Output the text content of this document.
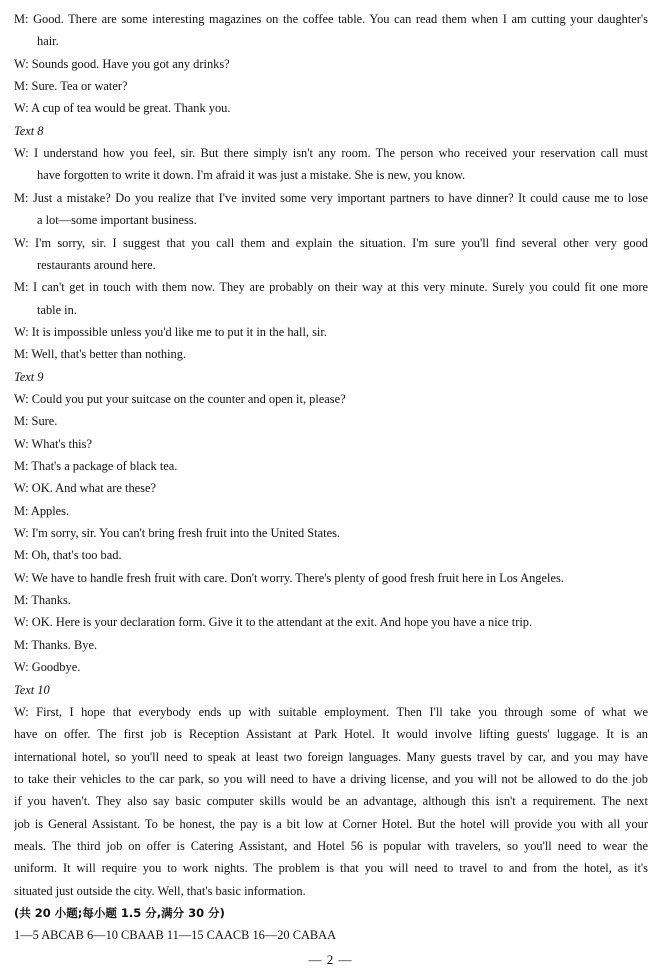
M: Good. There are some interesting magazines on the coffee table. You can read them when I am cutting your daughter's
hair.
W: Sounds good. Have you got any drinks?
M: Sure. Tea or water?
W: A cup of tea would be great. Thank you.
Text 8
W: I understand how you feel, sir. But there simply isn't any room. The person who received your reservation call must
have forgotten to write it down. I'm afraid it was just a mistake. She is new, you know.
M: Just a mistake? Do you realize that I've invited some very important partners to have dinner? It could cause me to lose
a lot—some important business.
W: I'm sorry, sir. I suggest that you call them and explain the situation. I'm sure you'll find several other very good
restaurants around here.
M: I can't get in touch with them now. They are probably on their way at this very minute. Surely you could fit one more
table in.
W: It is impossible unless you'd like me to put it in the hall, sir.
M: Well, that's better than nothing.
Text 9
W: Could you put your suitcase on the counter and open it, please?
M: Sure.
W: What's this?
M: That's a package of black tea.
W: OK. And what are these?
M: Apples.
W: I'm sorry, sir. You can't bring fresh fruit into the United States.
M: Oh, that's too bad.
W: We have to handle fresh fruit with care. Don't worry. There's plenty of good fresh fruit here in Los Angeles.
M: Thanks.
W: OK. Here is your declaration form. Give it to the attendant at the exit. And hope you have a nice trip.
M: Thanks. Bye.
W: Goodbye.
Text 10
W: First, I hope that everybody ends up with suitable employment. Then I'll take you through some of what we
have on offer. The first job is Reception Assistant at Park Hotel. It would involve lifting guests' luggage. It is an
international hotel, so you'll need to speak at least two foreign languages. Many guests travel by car, and you may have
to take their vehicles to the car park, so you will need to have a driving license, and you will not be allowed to do the job
if you haven't. They also say basic computer skills would be an advantage, although this isn't a requirement. The next
job is General Assistant. To be honest, the pay is a bit low at Corner Hotel. But the hotel will provide you with all your
meals. The third job on offer is Catering Assistant, and Hotel 56 is popular with travelers, so you'll need to wear the
uniform. It will require you to work nights. The problem is that you will need to travel to and from the hotel, as it's
situated just outside the city. Well, that's basic information.
(共 20 小题;每小题 1.5 分,满分 30 分)
1—5 ABCAB 6—10 CBAAB 11—15 CAACB 16—20 CABAA
— 2 —
